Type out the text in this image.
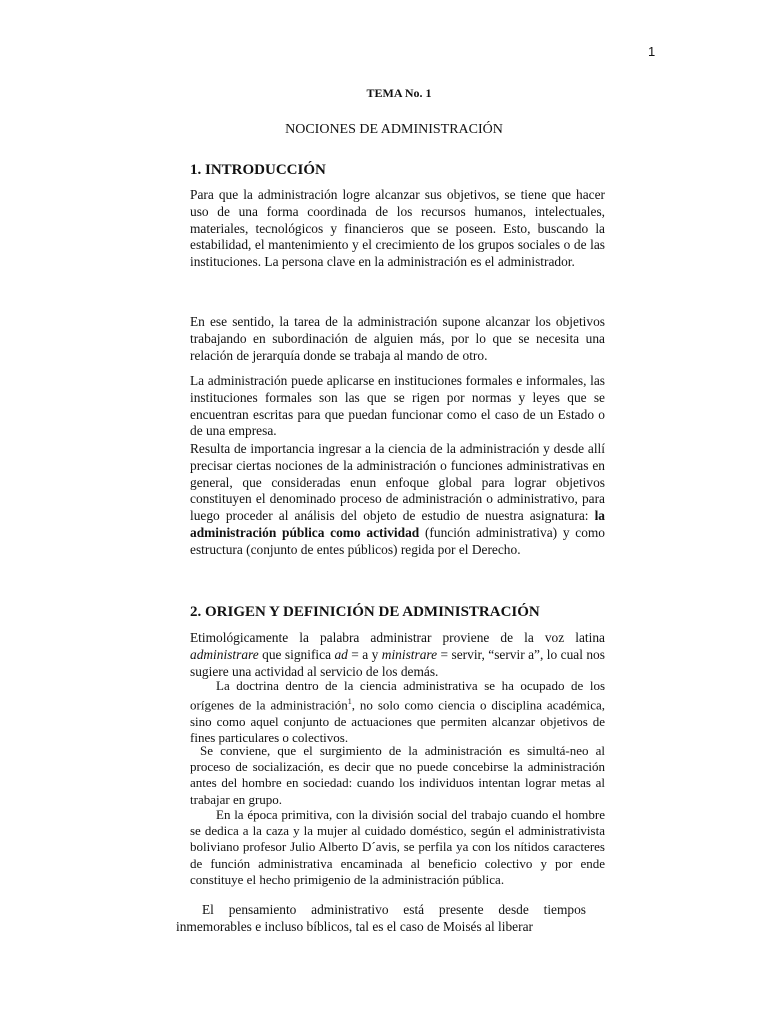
1
TEMA No. 1
NOCIONES DE ADMINISTRACIÓN
1. INTRODUCCIÓN

Para que la administración logre alcanzar sus objetivos, se tiene que hacer uso de una forma coordinada de los recursos humanos, intelectuales, materiales, tecnológicos y financieros que se poseen. Esto, buscando la estabilidad, el mantenimiento y el crecimiento de los grupos sociales o de las instituciones. La persona clave en la administración es el administrador.

En ese sentido, la tarea de la administración supone alcanzar los objetivos trabajando en subordinación de alguien más, por lo que se necesita una relación de jerarquía donde se trabaja al mando de otro.

La administración puede aplicarse en instituciones formales e informales, las instituciones formales son las que se rigen por normas y leyes que se encuentran escritas para que puedan funcionar como el caso de un Estado o de una empresa.

Resulta de importancia ingresar a la ciencia de la administración y desde allí precisar ciertas nociones de la administración o funciones administrativas en general, que consideradas enun enfoque global para lograr objetivos constituyen el denominado proceso de administración o administrativo, para luego proceder al análisis del objeto de estudio de nuestra asignatura: la administración pública como actividad (función administrativa) y como estructura (conjunto de entes públicos) regida por el Derecho.

2. ORIGEN Y DEFINICIÓN DE ADMINISTRACIÓN

Etimológicamente la palabra administrar proviene de la voz latina administrare que significa ad = a y ministrare = servir, “servir a”, lo cual nos sugiere una actividad al servicio de los demás.

La doctrina dentro de la ciencia administrativa se ha ocupado de los orígenes de la administración$^1$, no solo como ciencia o disciplina académica, sino como aquel conjunto de actuaciones que permiten alcanzar objetivos de fines particulares o colectivos.

Se conviene, que el surgimiento de la administración es simultá-neo al proceso de socialización, es decir que no puede concebirse la administración antes del hombre en sociedad: cuando los individuos intentan lograr metas al trabajar en grupo.

En la época primitiva, con la división social del trabajo cuando el hombre se dedica a la caza y la mujer al cuidado doméstico, según el administrativista boliviano profesor Julio Alberto D´avis, se perfila ya con los nítidos caracteres de función administrativa encaminada al beneficio colectivo y por ende constituye el hecho primigenio de la administración pública.

El pensamiento administrativo está presente desde tiempos inmemorables e incluso bíblicos, tal es el caso de Moisés al liberar
